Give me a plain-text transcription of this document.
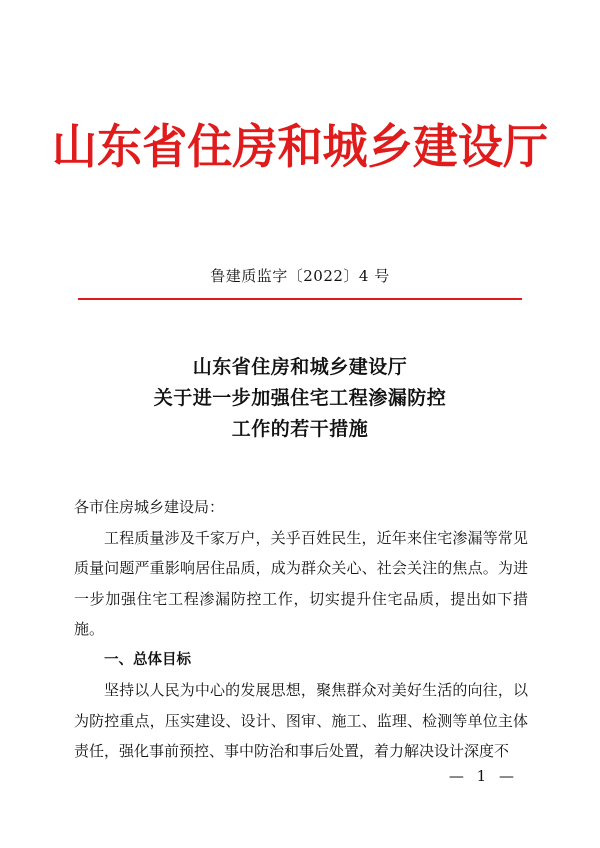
山东省住房和城乡建设厅
鲁建质监字〔2022〕4 号
山东省住房和城乡建设厅
关于进一步加强住宅工程渗漏防控
工作的若干措施

各市住房城乡建设局：

工程质量涉及千家万户，关乎百姓民生，近年来住宅渗漏等常见质量问题严重影响居住品质，成为群众关心、社会关注的焦点。为进一步加强住宅工程渗漏防控工作，切实提升住宅品质，提出如下措施。

一、总体目标

坚持以人民为中心的发展思想，聚焦群众对美好生活的向往，以为防控重点，压实建设、设计、图审、施工、监理、检测等单位主体责任，强化事前预控、事中防治和事后处置，着力解决设计深度不

— 1 —
